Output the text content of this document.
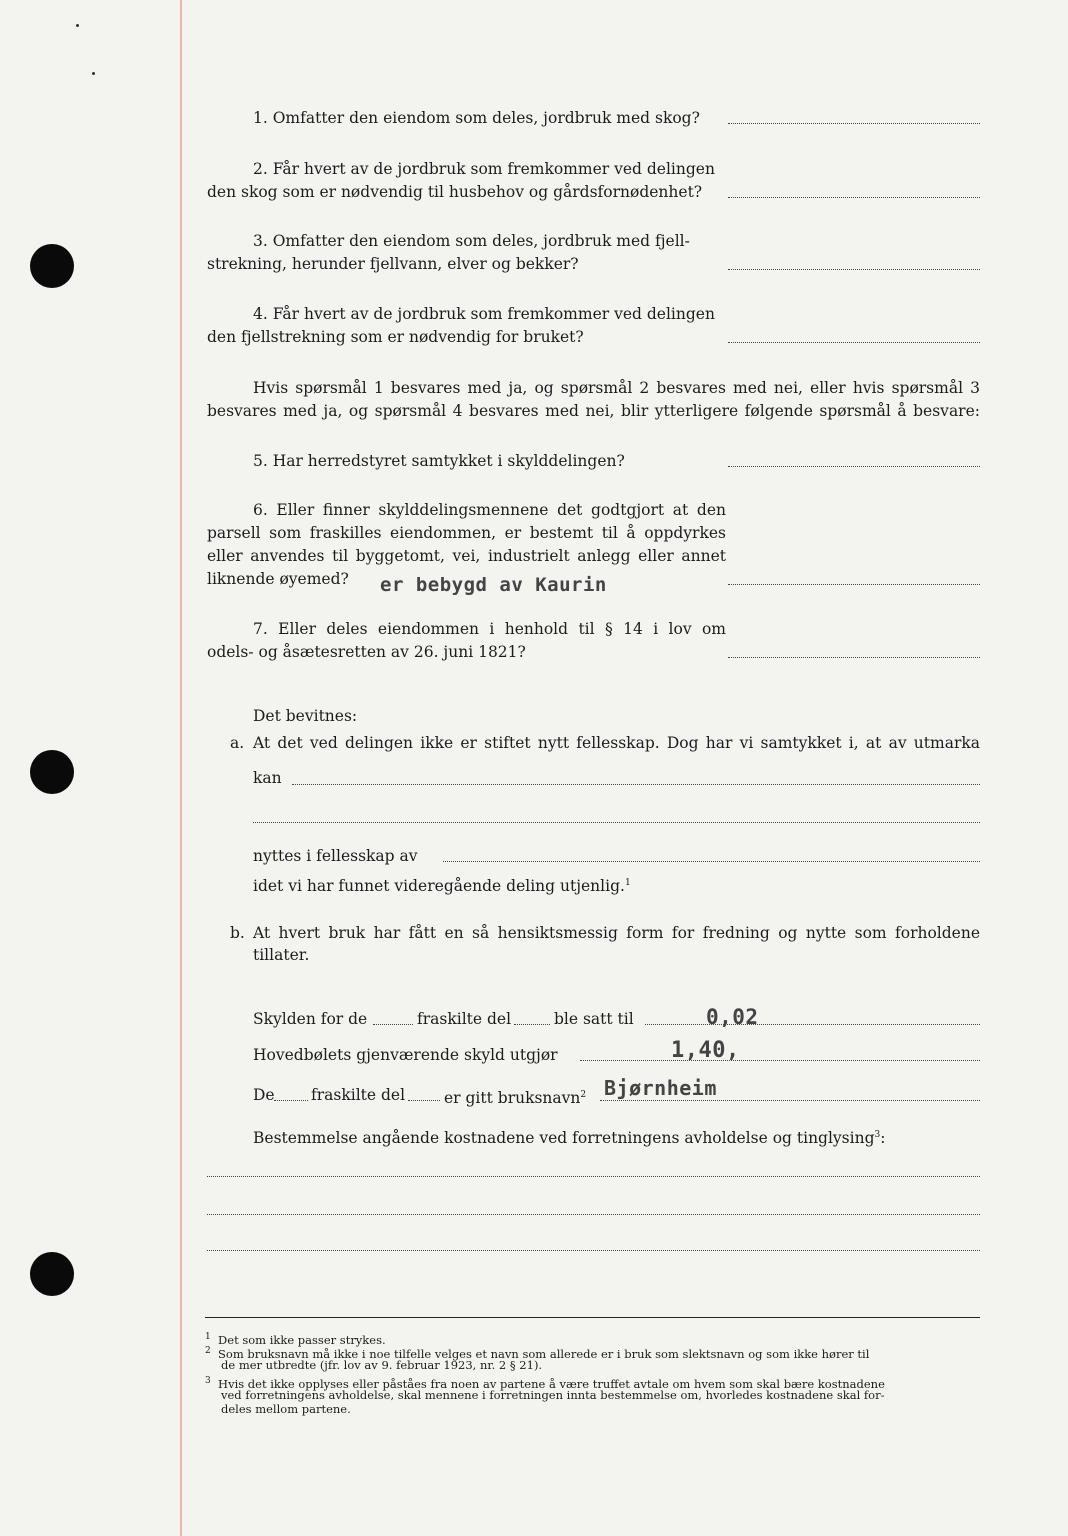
1. Omfatter den eiendom som deles, jordbruk med skog?
2. Får hvert av de jordbruk som fremkommer ved delingen
den skog som er nødvendig til husbehov og gårdsfornødenhet?
3. Omfatter den eiendom som deles, jordbruk med fjell-
strekning, herunder fjellvann, elver og bekker?
4. Får hvert av de jordbruk som fremkommer ved delingen
den fjellstrekning som er nødvendig for bruket?
Hvis spørsmål 1 besvares med ja, og spørsmål 2 besvares med nei, eller hvis spørsmål 3
besvares med ja, og spørsmål 4 besvares med nei, blir ytterligere følgende spørsmål å besvare:
5. Har herredstyret samtykket i skylddelingen?
6. Eller finner skylddelingsmennene det godtgjort at den
parsell som fraskilles eiendommen, er bestemt til å oppdyrkes
eller anvendes til byggetomt, vei, industrielt anlegg eller annet
liknende øyemed? er bebygd av Kaurin
7. Eller deles eiendommen i henhold til § 14 i lov om
odels- og åsætesretten av 26. juni 1821?
Det bevitnes:
a. At det ved delingen ikke er stiftet nytt fellesskap. Dog har vi samtykket i, at av utmarka
kan
nyttes i fellesskap av
idet vi har funnet videregående deling utjenlig.$^1$
b. At hvert bruk har fått en så hensiktsmessig form for fredning og nytte som forholdene
tillater.
Skylden for de	fraskilte del	ble satt til	0,02
Hovedbølets gjenværende skyld utgjør	1,40,
De fraskilte del	er gitt bruksnavn$^2$ Bjørnheim
Bestemmelse angående kostnadene ved forretningens avholdelse og tinglysing$^3$:
$^1$ Det som ikke passer strykes.
$^2$ Som bruksnavn må ikke i noe tilfelle velges et navn som allerede er i bruk som slektsnavn og som ikke hører til
de mer utbredte (jfr. lov av 9. februar 1923, nr. 2 § 21).
$^3$ Hvis det ikke opplyses eller påståes fra noen av partene å være truffet avtale om hvem som skal bære kostnadene
ved forretningens avholdelse, skal mennene i forretningen innta bestemmelse om, hvorledes kostnadene skal for-
deles mellom partene.
